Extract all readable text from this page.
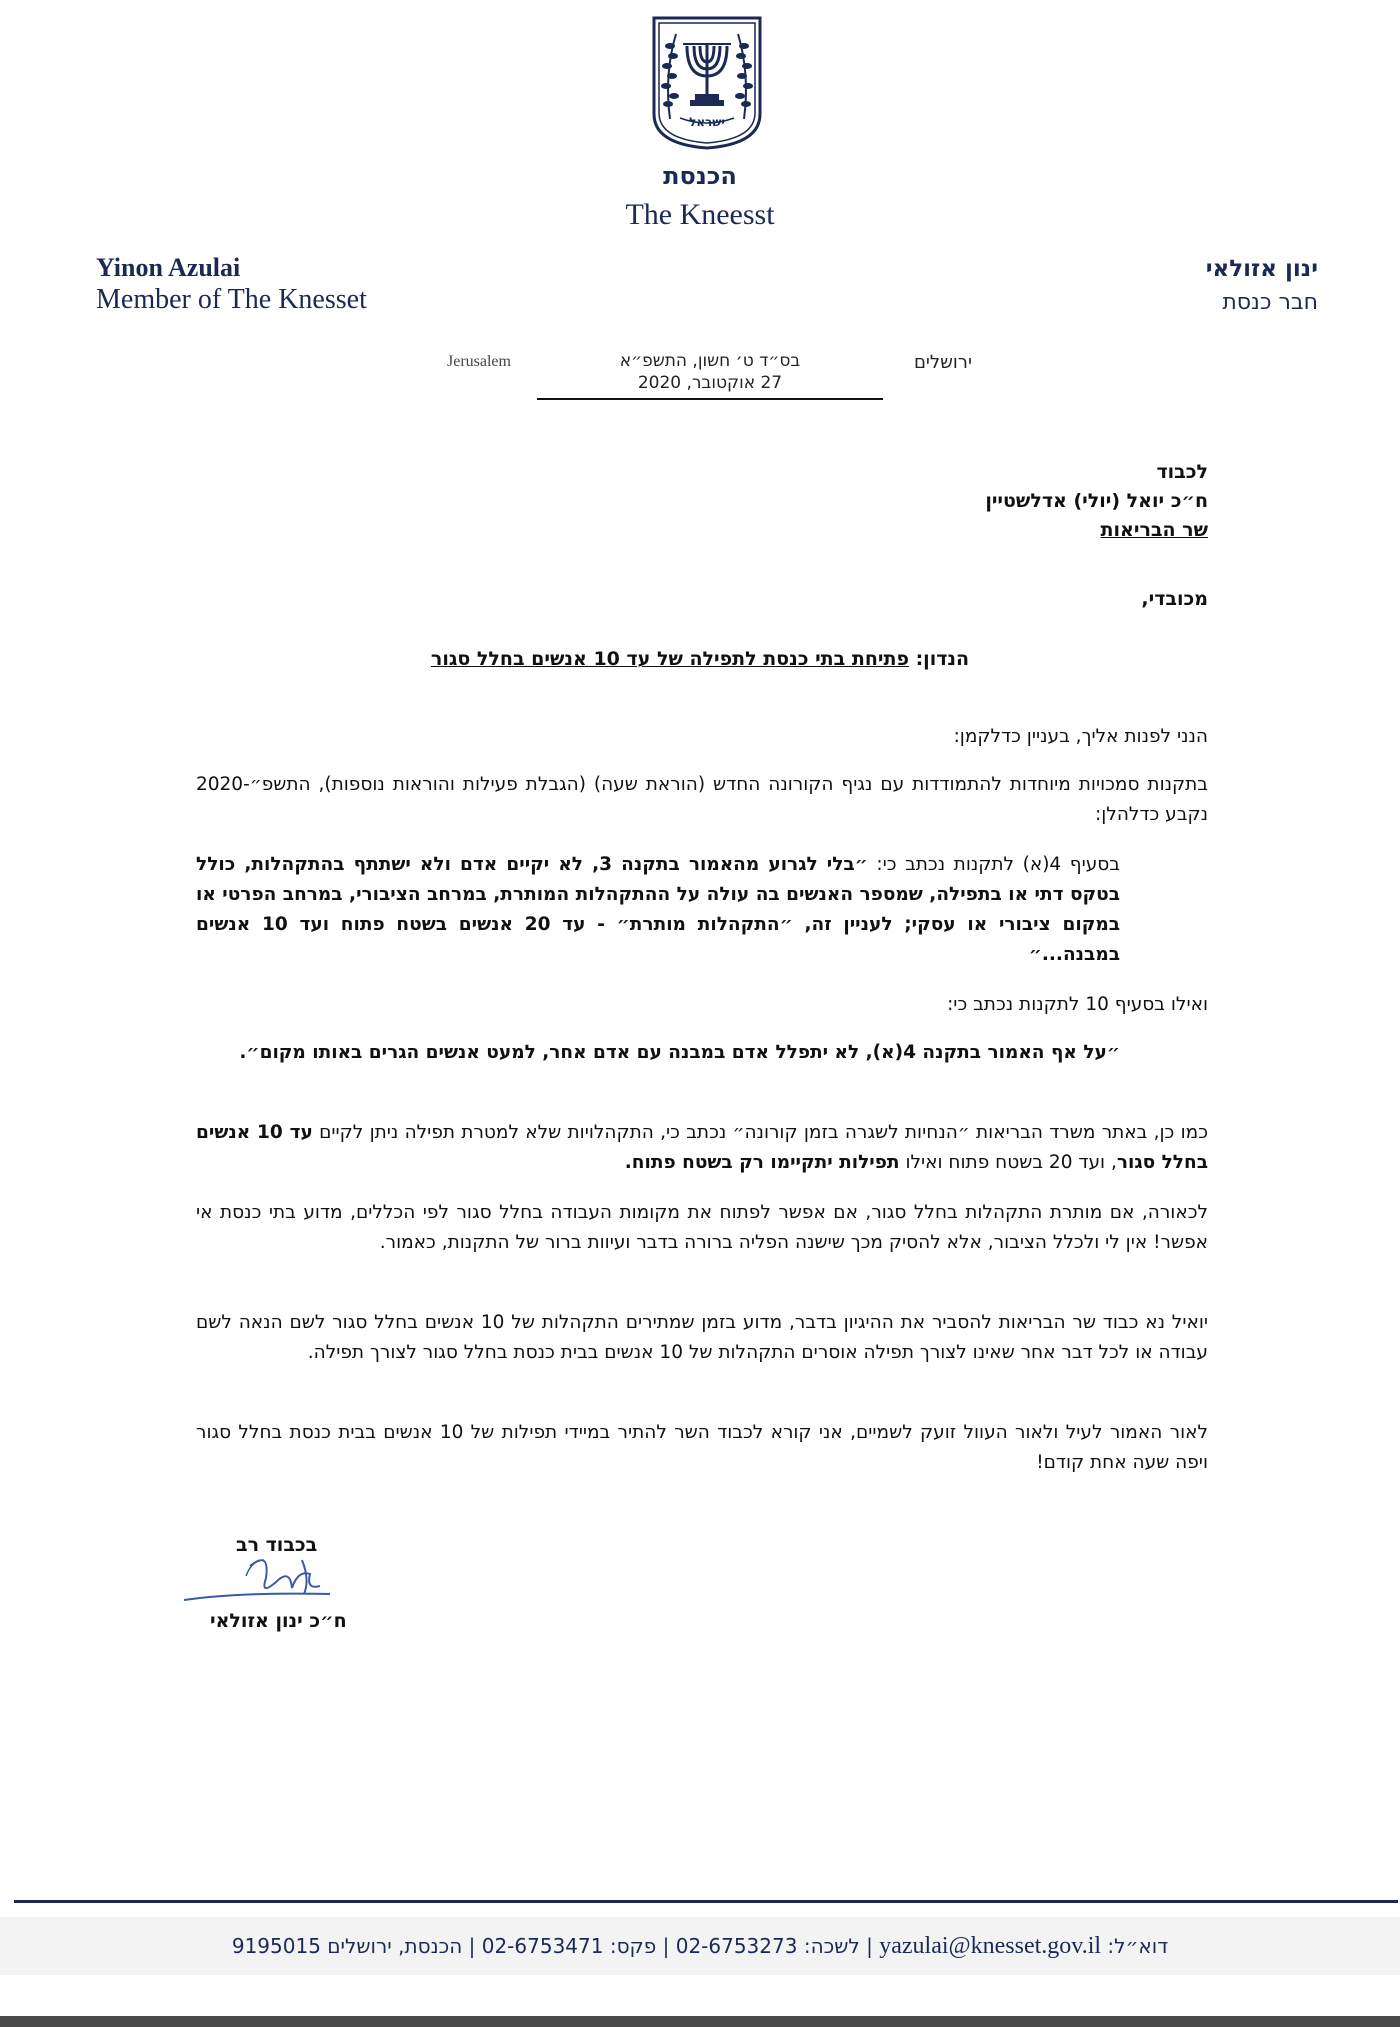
ישראל
הכנסת
The Knees​st
Yinon Azulai
Member of The Knesset
ינון אזולאי
חבר כנסת
Jerusalem	בס״ד ט׳ חשון, התשפ״א
27 אוקטובר, 2020
ירושלים
לכבוד
ח״כ יואל (יולי) אדלשטיין
שר הבריאות
מכובדי,
הנדון: פתיחת בתי כנסת לתפילה של עד 10 אנשים בחלל סגור
הנני לפנות אליך, בעניין כדלקמן:
בתקנות סמכויות מיוחדות להתמודדות עם נגיף הקורונה החדש (הוראת שעה) (הגבלת פעילות והוראות נוספות), התשפ״-2020 נקבע כדלהלן:
בסעיף 4(א) לתקנות נכתב כי: ״בלי לגרוע מהאמור בתקנה 3, לא יקיים אדם ולא ישתתף בהתקהלות, כולל בטקס דתי או בתפילה, שמספר האנשים בה עולה על ההתקהלות המותרת, במרחב הציבורי, במרחב הפרטי או במקום ציבורי או עסקי; לעניין זה, ״התקהלות מותרת״ - עד 20 אנשים בשטח פתוח ועד 10 אנשים במבנה...״
ואילו בסעיף 10 לתקנות נכתב כי:
״על אף האמור בתקנה 4(א), לא יתפלל אדם במבנה עם אדם אחר, למעט אנשים הגרים באותו מקום״.
כמו כן, באתר משרד הבריאות ״הנחיות לשגרה בזמן קורונה״ נכתב כי, התקהלויות שלא למטרת תפילה ניתן לקיים עד 10 אנשים בחלל סגור, ועד 20 בשטח פתוח ואילו תפילות יתקיימו רק בשטח פתוח.
לכאורה, אם מותרת התקהלות בחלל סגור, אם אפשר לפתוח את מקומות העבודה בחלל סגור לפי הכללים, מדוע בתי כנסת אי אפשר! אין לי ולכלל הציבור, אלא להסיק מכך שישנה הפליה ברורה בדבר ועיוות ברור של התקנות, כאמור.
יואיל נא כבוד שר הבריאות להסביר את ההיגיון בדבר, מדוע בזמן שמתירים התקהלות של 10 אנשים בחלל סגור לשם הנאה לשם עבודה או לכל דבר אחר שאינו לצורך תפילה אוסרים התקהלות של 10 אנשים בבית כנסת בחלל סגור לצורך תפילה.
לאור האמור לעיל ולאור העוול זועק לשמיים, אני קורא לכבוד השר להתיר במיידי תפילות של 10 אנשים בבית כנסת בחלל סגור ויפה שעה אחת קודם!
בכבוד רב
ח״כ ינון אזולאי
דוא״ל: yazulai@knesset.gov.il | לשכה: 02-6753273 | פקס: 02-6753471 | הכנסת, ירושלים 9195015
